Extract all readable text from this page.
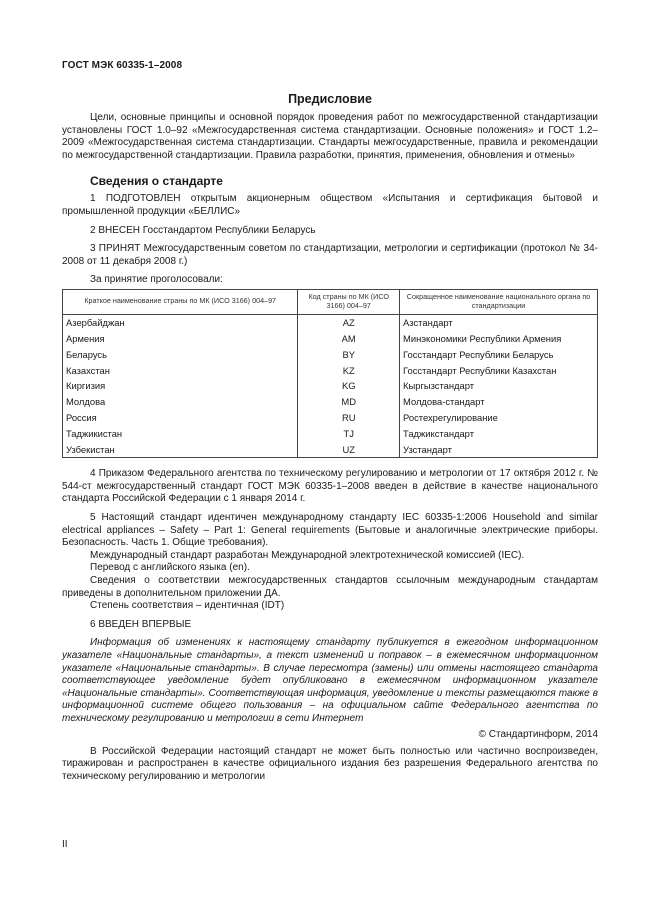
ГОСТ МЭК 60335-1–2008
Предисловие

Цели, основные принципы и основной порядок проведения работ по межгосударственной стандартизации установлены ГОСТ 1.0–92 «Межгосударственная система стандартизации. Основные положения» и ГОСТ 1.2–2009 «Межгосударственная система стандартизации. Стандарты межгосударственные, правила и рекомендации по межгосударственной стандартизации. Правила разработки, принятия, применения, обновления и отмены»

Сведения о стандарте

1 ПОДГОТОВЛЕН открытым акционерным обществом «Испытания и сертификация бытовой и промышленной продукции «БЕЛЛИС»

2 ВНЕСЕН Госстандартом Республики Беларусь

3 ПРИНЯТ Межгосударственным советом по стандартизации, метрологии и сертификации (протокол № 34-2008 от 11 декабря 2008 г.)

За принятие проголосовали:

Краткое наименование страны по МК (ИСО 3166) 004–97	Код страны по МК (ИСО 3166) 004–97	Сокращенное наименование национального органа по стандартизации
Азербайджан	AZ	Азстандарт
Армения	AM	Минэкономики Республики Армения
Беларусь	BY	Госстандарт Республики Беларусь
Казахстан	KZ	Госстандарт Республики Казахстан
Киргизия	KG	Кыргызстандарт
Молдова	MD	Молдова-стандарт
Россия	RU	Ростехрегулирование
Таджикистан	TJ	Таджикстандарт
Узбекистан	UZ	Узстандарт

4 Приказом Федерального агентства по техническому регулированию и метрологии от 17 октября 2012 г. № 544-ст межгосударственный стандарт ГОСТ МЭК 60335-1–2008 введен в действие в качестве национального стандарта Российской Федерации с 1 января 2014 г.

5 Настоящий стандарт идентичен международному стандарту IEC 60335-1:2006 Household and similar electrical appliances – Safety – Part 1: General requirements (Бытовые и аналогичные электрические приборы. Безопасность. Часть 1. Общие требования).

Международный стандарт разработан Международной электротехнической комиссией (IEC).

Перевод с английского языка (en).

Сведения о соответствии межгосударственных стандартов ссылочным международным стандартам приведены в дополнительном приложении ДА.

Степень соответствия – идентичная (IDT)

6 ВВЕДЕН ВПЕРВЫЕ

Информация об изменениях к настоящему стандарту публикуется в ежегодном информационном указателе «Национальные стандарты», а текст изменений и поправок – в ежемесячном информационном указателе «Национальные стандарты». В случае пересмотра (замены) или отмены настоящего стандарта соответствующее уведомление будет опубликовано в ежемесячном информационном указателе «Национальные стандарты». Соответствующая информация, уведомление и тексты размещаются также в информационной системе общего пользования – на официальном сайте Федерального агентства по техническому регулированию и метрологии в сети Интернет

© Стандартинформ, 2014

В Российской Федерации настоящий стандарт не может быть полностью или частично воспроизведен, тиражирован и распространен в качестве официального издания без разрешения Федерального агентства по техническому регулированию и метрологии

II
